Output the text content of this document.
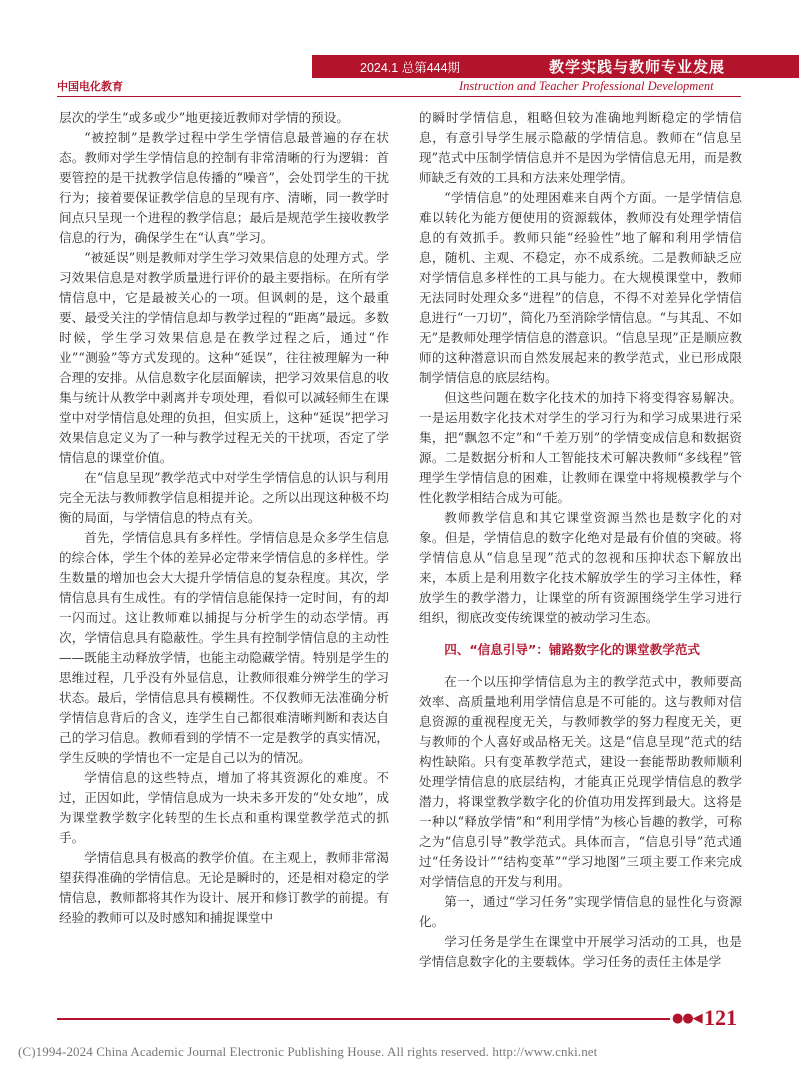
2024.1 总第444期	教学实践与教师专业发展
中国电化教育	Instruction and Teacher Professional Development

层次的学生“或多或少”地更接近教师对学情的预设。

“被控制”是教学过程中学生学情信息最普遍的存在状态。教师对学生学情信息的控制有非常清晰的行为逻辑：首要管控的是干扰教学信息传播的“噪音”，会处罚学生的干扰行为；接着要保证教学信息的呈现有序、清晰，同一教学时间点只呈现一个进程的教学信息；最后是规范学生接收教学信息的行为，确保学生在“认真”学习。

“被延误”则是教师对学生学习效果信息的处理方式。学习效果信息是对教学质量进行评价的最主要指标。在所有学情信息中，它是最被关心的一项。但讽刺的是，这个最重要、最受关注的学情信息却与教学过程的“距离”最远。多数时候，学生学习效果信息是在教学过程之后，通过“作业”“测验”等方式发现的。这种“延误”，往往被理解为一种合理的安排。从信息数字化层面解读，把学习效果信息的收集与统计从教学中剥离并专项处理，看似可以减轻师生在课堂中对学情信息处理的负担，但实质上，这种“延误”把学习效果信息定义为了一种与教学过程无关的干扰项，否定了学情信息的课堂价值。

在“信息呈现”教学范式中对学生学情信息的认识与利用完全无法与教师教学信息相提并论。之所以出现这种极不均衡的局面，与学情信息的特点有关。

首先，学情信息具有多样性。学情信息是众多学生信息的综合体，学生个体的差异必定带来学情信息的多样性。学生数量的增加也会大大提升学情信息的复杂程度。其次，学情信息具有生成性。有的学情信息能保持一定时间，有的却一闪而过。这让教师难以捕捉与分析学生的动态学情。再次，学情信息具有隐蔽性。学生具有控制学情信息的主动性——既能主动释放学情，也能主动隐藏学情。特别是学生的思维过程，几乎没有外显信息，让教师很难分辨学生的学习状态。最后，学情信息具有模糊性。不仅教师无法准确分析学情信息背后的含义，连学生自己都很难清晰判断和表达自己的学习信息。教师看到的学情不一定是教学的真实情况，学生反映的学情也不一定是自己以为的情况。

学情信息的这些特点，增加了将其资源化的难度。不过，正因如此，学情信息成为一块未多开发的“处女地”，成为课堂教学数字化转型的生长点和重构课堂教学范式的抓手。

学情信息具有极高的教学价值。在主观上，教师非常渴望获得准确的学情信息。无论是瞬时的，还是相对稳定的学情信息，教师都将其作为设计、展开和修订教学的前提。有经验的教师可以及时感知和捕捉课堂中

的瞬时学情信息，粗略但较为准确地判断稳定的学情信息，有意引导学生展示隐蔽的学情信息。教师在“信息呈现”范式中压制学情信息并不是因为学情信息无用，而是教师缺乏有效的工具和方法来处理学情。

“学情信息”的处理困难来自两个方面。一是学情信息难以转化为能方便使用的资源载体，教师没有处理学情信息的有效抓手。教师只能“经验性”地了解和利用学情信息，随机、主观、不稳定，亦不成系统。二是教师缺乏应对学情信息多样性的工具与能力。在大规模课堂中，教师无法同时处理众多“进程”的信息，不得不对差异化学情信息进行“一刀切”，简化乃至消除学情信息。“与其乱、不如无”是教师处理学情信息的潜意识。“信息呈现”正是顺应教师的这种潜意识而自然发展起来的教学范式，业已形成限制学情信息的底层结构。

但这些问题在数字化技术的加持下将变得容易解决。一是运用数字化技术对学生的学习行为和学习成果进行采集，把“飘忽不定”和“千差万别”的学情变成信息和数据资源。二是数据分析和人工智能技术可解决教师“多线程”管理学生学情信息的困难，让教师在课堂中将规模教学与个性化教学相结合成为可能。

教师教学信息和其它课堂资源当然也是数字化的对象。但是，学情信息的数字化绝对是最有价值的突破。将学情信息从“信息呈现”范式的忽视和压抑状态下解放出来，本质上是利用数字化技术解放学生的学习主体性，释放学生的教学潜力，让课堂的所有资源围绕学生学习进行组织，彻底改变传统课堂的被动学习生态。

四、“信息引导”：铺路数字化的课堂教学范式

在一个以压抑学情信息为主的教学范式中，教师要高效率、高质量地利用学情信息是不可能的。这与教师对信息资源的重视程度无关，与教师教学的努力程度无关，更与教师的个人喜好或品格无关。这是“信息呈现”范式的结构性缺陷。只有变革教学范式，建设一套能帮助教师顺利处理学情信息的底层结构，才能真正兑现学情信息的教学潜力，将课堂教学数字化的价值功用发挥到最大。这将是一种以“释放学情”和“利用学情”为核心旨趣的教学，可称之为“信息引导”教学范式。具体而言，“信息引导”范式通过“任务设计”“结构变革”“学习地图”三项主要工作来完成对学情信息的开发与利用。

第一，通过“学习任务”实现学情信息的显性化与资源化。

学习任务是学生在课堂中开展学习活动的工具，也是学情信息数字化的主要载体。学习任务的责任主体是学

●●◀ 121
(C)1994-2024 China Academic Journal Electronic Publishing House. All rights reserved. http://www.cnki.net
